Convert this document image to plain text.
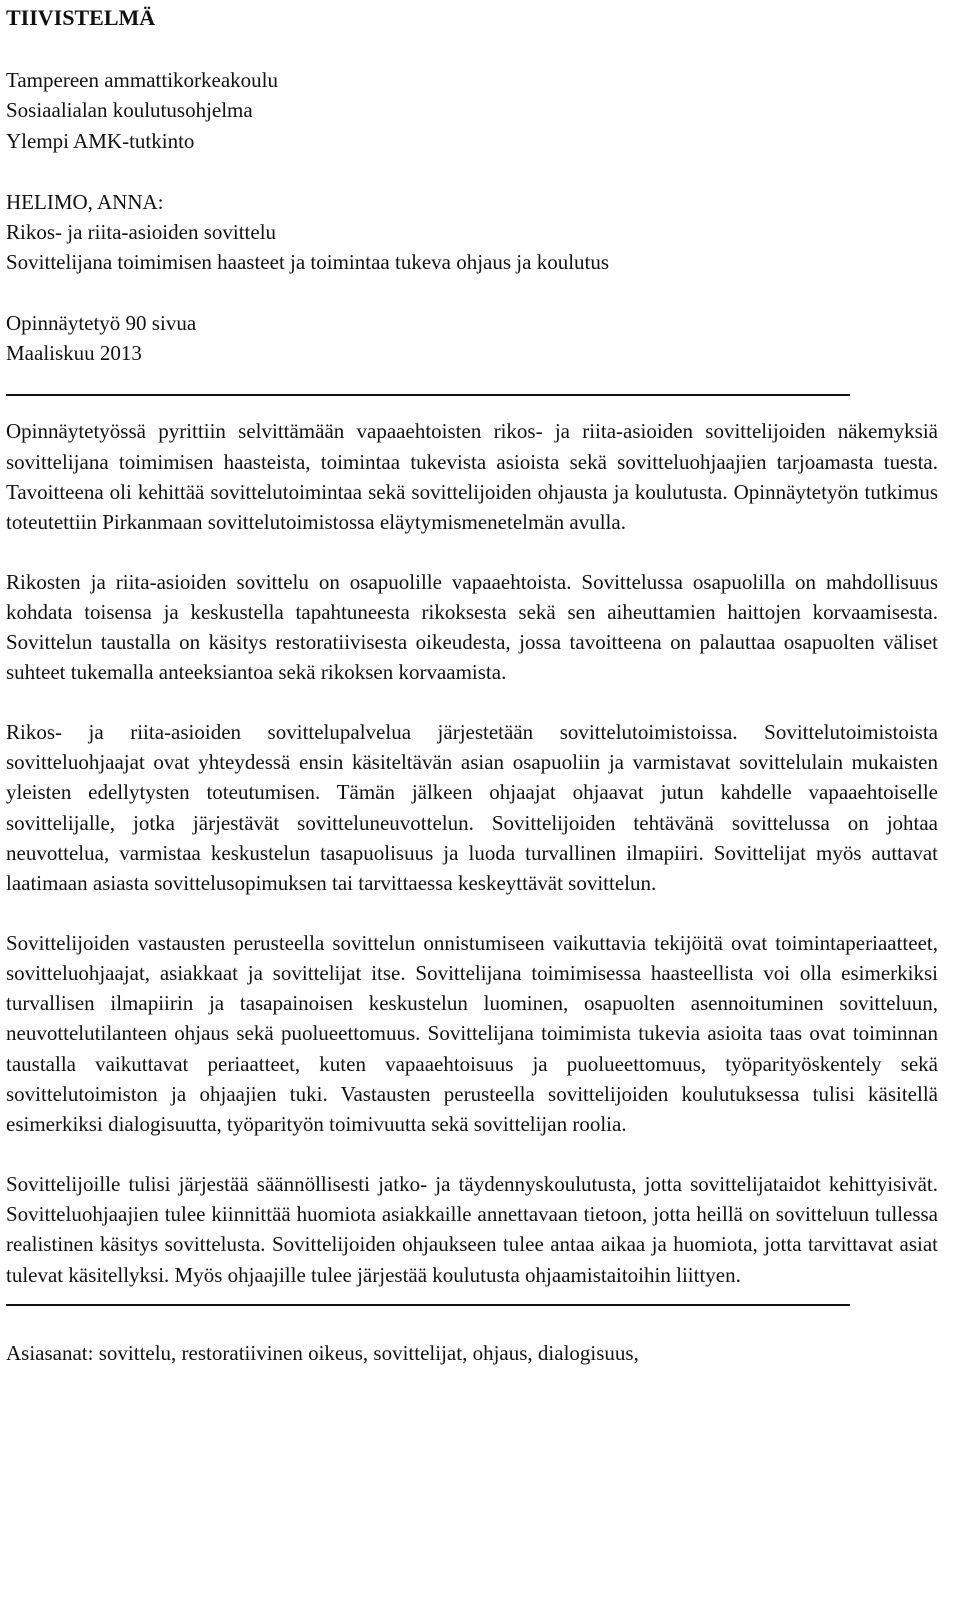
TIIVISTELMÄ
Tampereen ammattikorkeakoulu
Sosiaalialan koulutusohjelma
Ylempi AMK-tutkinto
HELIMO, ANNA:
Rikos- ja riita-asioiden sovittelu
Sovittelijana toimimisen haasteet ja toimintaa tukeva ohjaus ja koulutus
Opinnäytetyö 90 sivua
Maaliskuu 2013

Opinnäytetyössä pyrittiin selvittämään vapaaehtoisten rikos- ja riita-asioiden sovittelijoiden näkemyksiä sovittelijana toimimisen haasteista, toimintaa tukevista asioista sekä sovitteluohjaajien tarjoamasta tuesta. Tavoitteena oli kehittää sovittelutoimintaa sekä sovittelijoiden ohjausta ja koulutusta. Opinnäytetyön tutkimus toteutettiin Pirkanmaan sovittelutoimistossa eläytymismenetelmän avulla.

Rikosten ja riita-asioiden sovittelu on osapuolille vapaaehtoista. Sovittelussa osapuolilla on mahdollisuus kohdata toisensa ja keskustella tapahtuneesta rikoksesta sekä sen aiheuttamien haittojen korvaamisesta. Sovittelun taustalla on käsitys restoratiivisesta oikeudesta, jossa tavoitteena on palauttaa osapuolten väliset suhteet tukemalla anteeksiantoa sekä rikoksen korvaamista.

Rikos- ja riita-asioiden sovittelupalvelua järjestetään sovittelutoimistoissa. Sovittelutoimistoista sovitteluohjaajat ovat yhteydessä ensin käsiteltävän asian osapuoliin ja varmistavat sovittelulain mukaisten yleisten edellytysten toteutumisen. Tämän jälkeen ohjaajat ohjaavat jutun kahdelle vapaaehtoiselle sovittelijalle, jotka järjestävät sovitteluneuvottelun. Sovittelijoiden tehtävänä sovittelussa on johtaa neuvottelua, varmistaa keskustelun tasapuolisuus ja luoda turvallinen ilmapiiri. Sovittelijat myös auttavat laatimaan asiasta sovittelusopimuksen tai tarvittaessa keskeyttävät sovittelun.

Sovittelijoiden vastausten perusteella sovittelun onnistumiseen vaikuttavia tekijöitä ovat toimintaperiaatteet, sovitteluohjaajat, asiakkaat ja sovittelijat itse. Sovittelijana toimimisessa haasteellista voi olla esimerkiksi turvallisen ilmapiirin ja tasapainoisen keskustelun luominen, osapuolten asennoituminen sovitteluun, neuvottelutilanteen ohjaus sekä puolueettomuus. Sovittelijana toimimista tukevia asioita taas ovat toiminnan taustalla vaikuttavat periaatteet, kuten vapaaehtoisuus ja puolueettomuus, työparityöskentely sekä sovittelutoimiston ja ohjaajien tuki. Vastausten perusteella sovittelijoiden koulutuksessa tulisi käsitellä esimerkiksi dialogisuutta, työparityön toimivuutta sekä sovittelijan roolia.

Sovittelijoille tulisi järjestää säännöllisesti jatko- ja täydennyskoulutusta, jotta sovittelijataidot kehittyisivät. Sovitteluohjaajien tulee kiinnittää huomiota asiakkaille annettavaan tietoon, jotta heillä on sovitteluun tullessa realistinen käsitys sovittelusta. Sovittelijoiden ohjaukseen tulee antaa aikaa ja huomiota, jotta tarvittavat asiat tulevat käsitellyksi. Myös ohjaajille tulee järjestää koulutusta ohjaamistaitoihin liittyen.

Asiasanat: sovittelu, restoratiivinen oikeus, sovittelijat, ohjaus, dialogisuus,
